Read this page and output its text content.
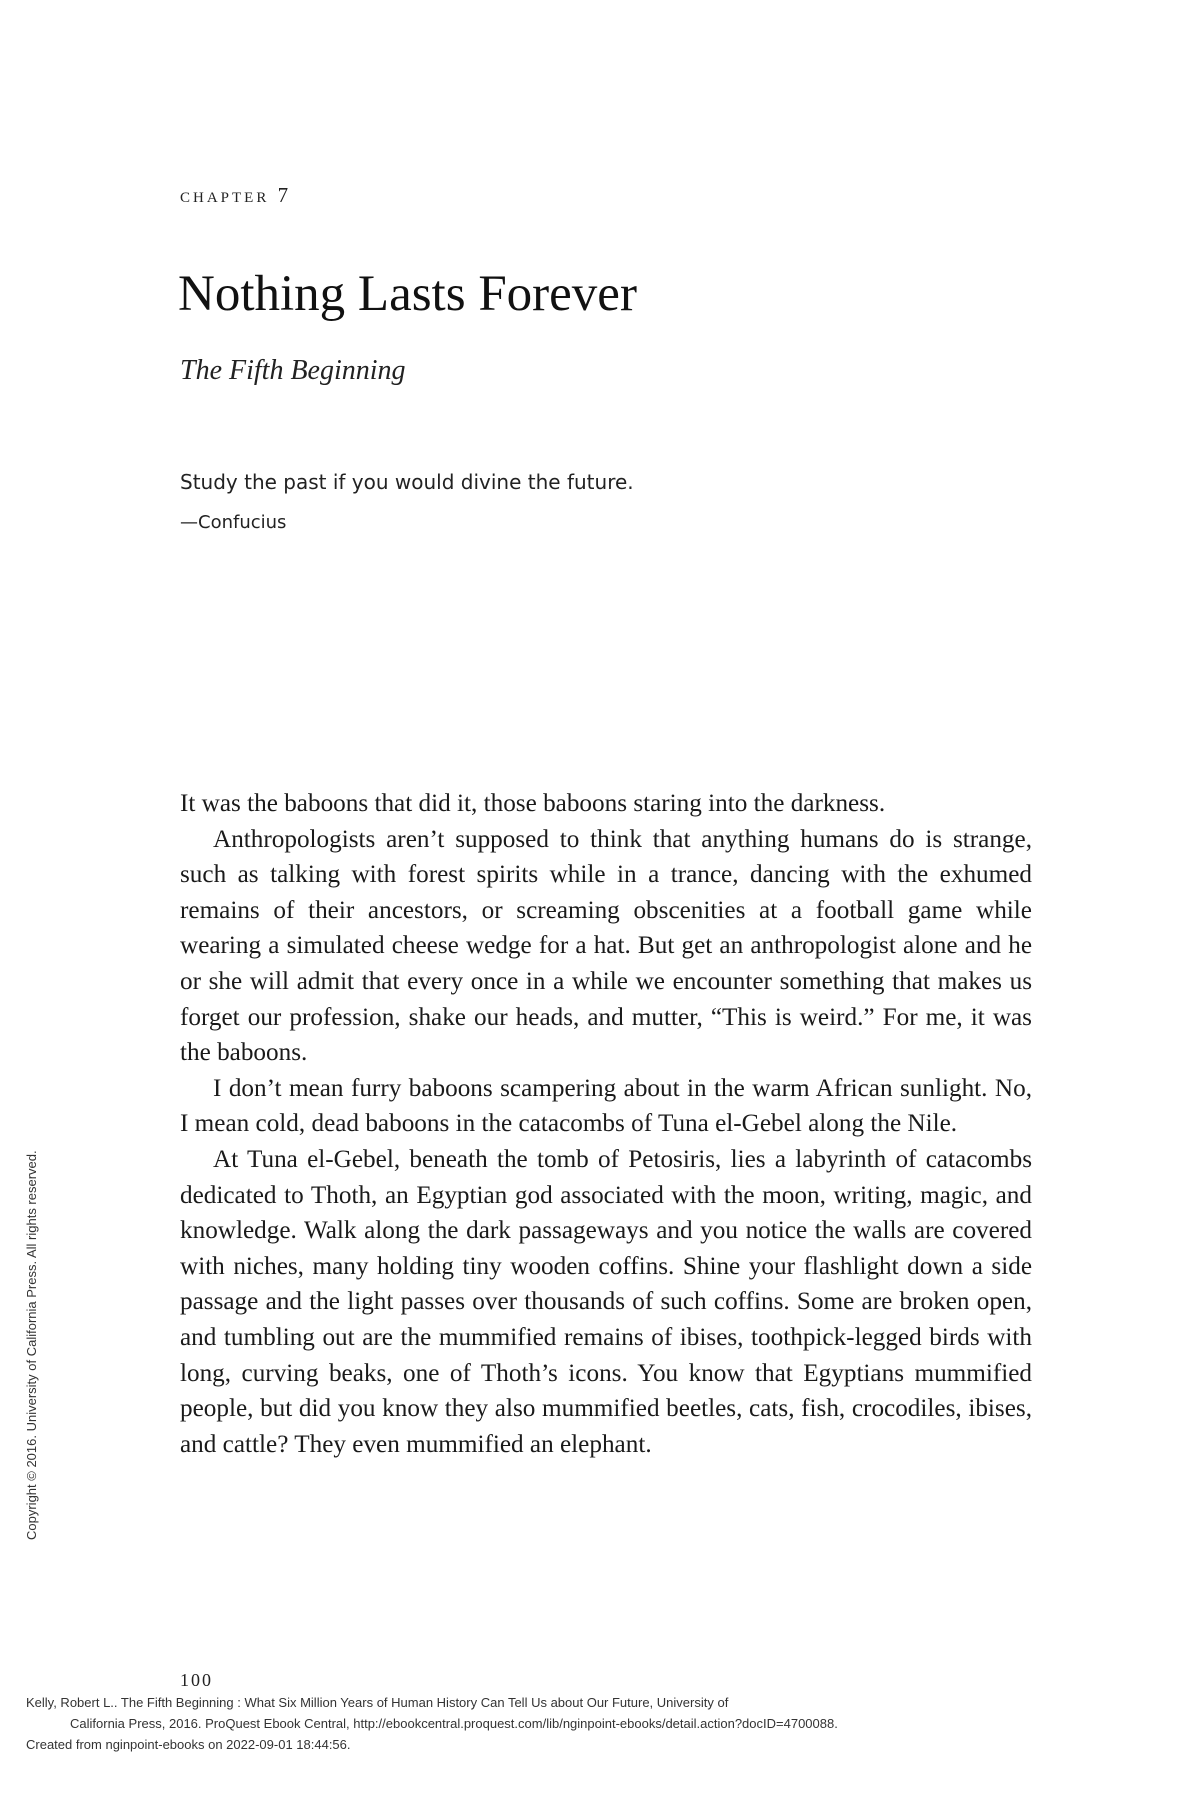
chapter 7
Nothing Lasts Forever
The Fifth Beginning
Study the past if you would divine the future.
—Confucius

It was the baboons that did it, those baboons staring into the darkness.

Anthropologists aren’t supposed to think that anything humans do is strange, such as talking with forest spirits while in a trance, dancing with the exhumed remains of their ancestors, or screaming obscenities at a football game while wearing a simulated cheese wedge for a hat. But get an anthropologist alone and he or she will admit that every once in a while we encounter something that makes us forget our profession, shake our heads, and mutter, “This is weird.” For me, it was the baboons.

I don’t mean furry baboons scampering about in the warm African sunlight. No, I mean cold, dead baboons in the catacombs of Tuna el-Gebel along the Nile.

At Tuna el-Gebel, beneath the tomb of Petosiris, lies a labyrinth of catacombs dedicated to Thoth, an Egyptian god associated with the moon, writing, magic, and knowledge. Walk along the dark passageways and you notice the walls are covered with niches, many holding tiny wooden coffins. Shine your flashlight down a side passage and the light passes over thousands of such coffins. Some are broken open, and tumbling out are the mummified remains of ibises, toothpick-legged birds with long, curving beaks, one of Thoth’s icons. You know that Egyptians mummified people, but did you know they also mummified beetles, cats, fish, crocodiles, ibises, and cattle? They even mummified an elephant.

100
Copyright © 2016. University of California Press. All rights reserved.
Kelly, Robert L.. The Fifth Beginning : What Six Million Years of Human History Can Tell Us about Our Future, University of
California Press, 2016. ProQuest Ebook Central, http://ebookcentral.proquest.com/lib/nginpoint-ebooks/detail.action?docID=4700088.
Created from nginpoint-ebooks on 2022-09-01 18:44:56.
